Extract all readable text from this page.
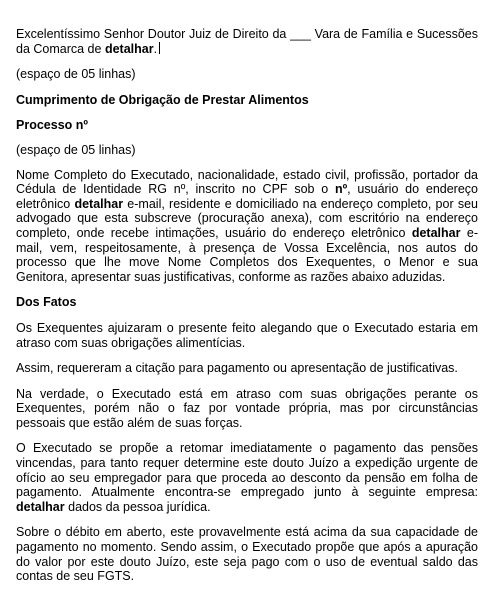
Excelentíssimo Senhor Doutor Juiz de Direito da ___ Vara de Família e Sucessões da Comarca de detalhar.

(espaço de 05 linhas)

Cumprimento de Obrigação de Prestar Alimentos

Processo nº

(espaço de 05 linhas)

Nome Completo do Executado, nacionalidade, estado civil, profissão, portador da Cédula de Identidade RG nº, inscrito no CPF sob o nº, usuário do endereço eletrônico detalhar e-mail, residente e domiciliado na endereço completo, por seu advogado que esta subscreve (procuração anexa), com escritório na endereço completo, onde recebe intimações, usuário do endereço eletrônico detalhar e-mail, vem, respeitosamente, à presença de Vossa Excelência, nos autos do processo que lhe move Nome Completos dos Exequentes, o Menor e sua Genitora, apresentar suas justificativas, conforme as razões abaixo aduzidas.

Dos Fatos

Os Exequentes ajuizaram o presente feito alegando que o Executado estaria em atraso com suas obrigações alimentícias.

Assim, requereram a citação para pagamento ou apresentação de justificativas.

Na verdade, o Executado está em atraso com suas obrigações perante os Exequentes, porém não o faz por vontade própria, mas por circunstâncias pessoais que estão além de suas forças.

O Executado se propõe a retomar imediatamente o pagamento das pensões vincendas, para tanto requer determine este douto Juízo a expedição urgente de ofício ao seu empregador para que proceda ao desconto da pensão em folha de pagamento. Atualmente encontra-se empregado junto à seguinte empresa: detalhar dados da pessoa jurídica.

Sobre o débito em aberto, este provavelmente está acima da sua capacidade de pagamento no momento. Sendo assim, o Executado propõe que após a apuração do valor por este douto Juízo, este seja pago com o uso de eventual saldo das contas de seu FGTS.
